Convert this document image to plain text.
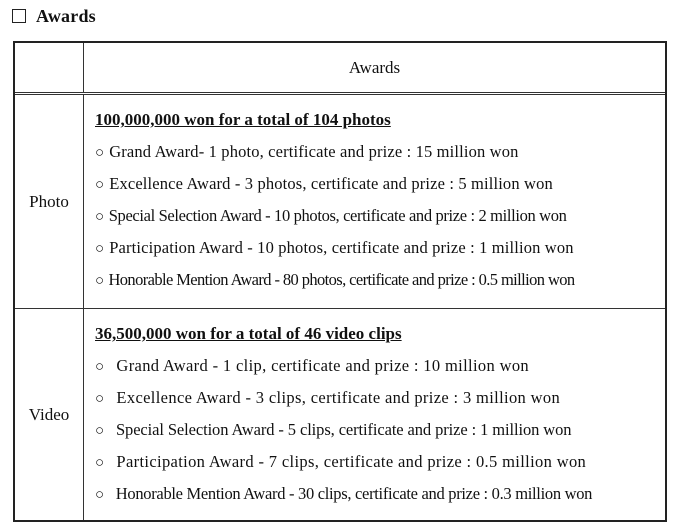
Awards
Awards
Photo
100,000,000 won for a total of 104 photos
○ Grand Award- 1 photo, certificate and prize : 15 million won
○ Excellence Award - 3 photos, certificate and prize : 5 million won
○ Special Selection Award - 10 photos, certificate and prize : 2 million won
○ Participation Award - 10 photos, certificate and prize : 1 million won
○ Honorable Mention Award - 80 photos, certificate and prize : 0.5 million won
Video
36,500,000 won for a total of 46 video clips
○ Grand Award - 1 clip, certificate and prize : 10 million won
○ Excellence Award - 3 clips, certificate and prize : 3 million won
○ Special Selection Award - 5 clips, certificate and prize : 1 million won
○ Participation Award - 7 clips, certificate and prize : 0.5 million won
○ Honorable Mention Award - 30 clips, certificate and prize : 0.3 million won
